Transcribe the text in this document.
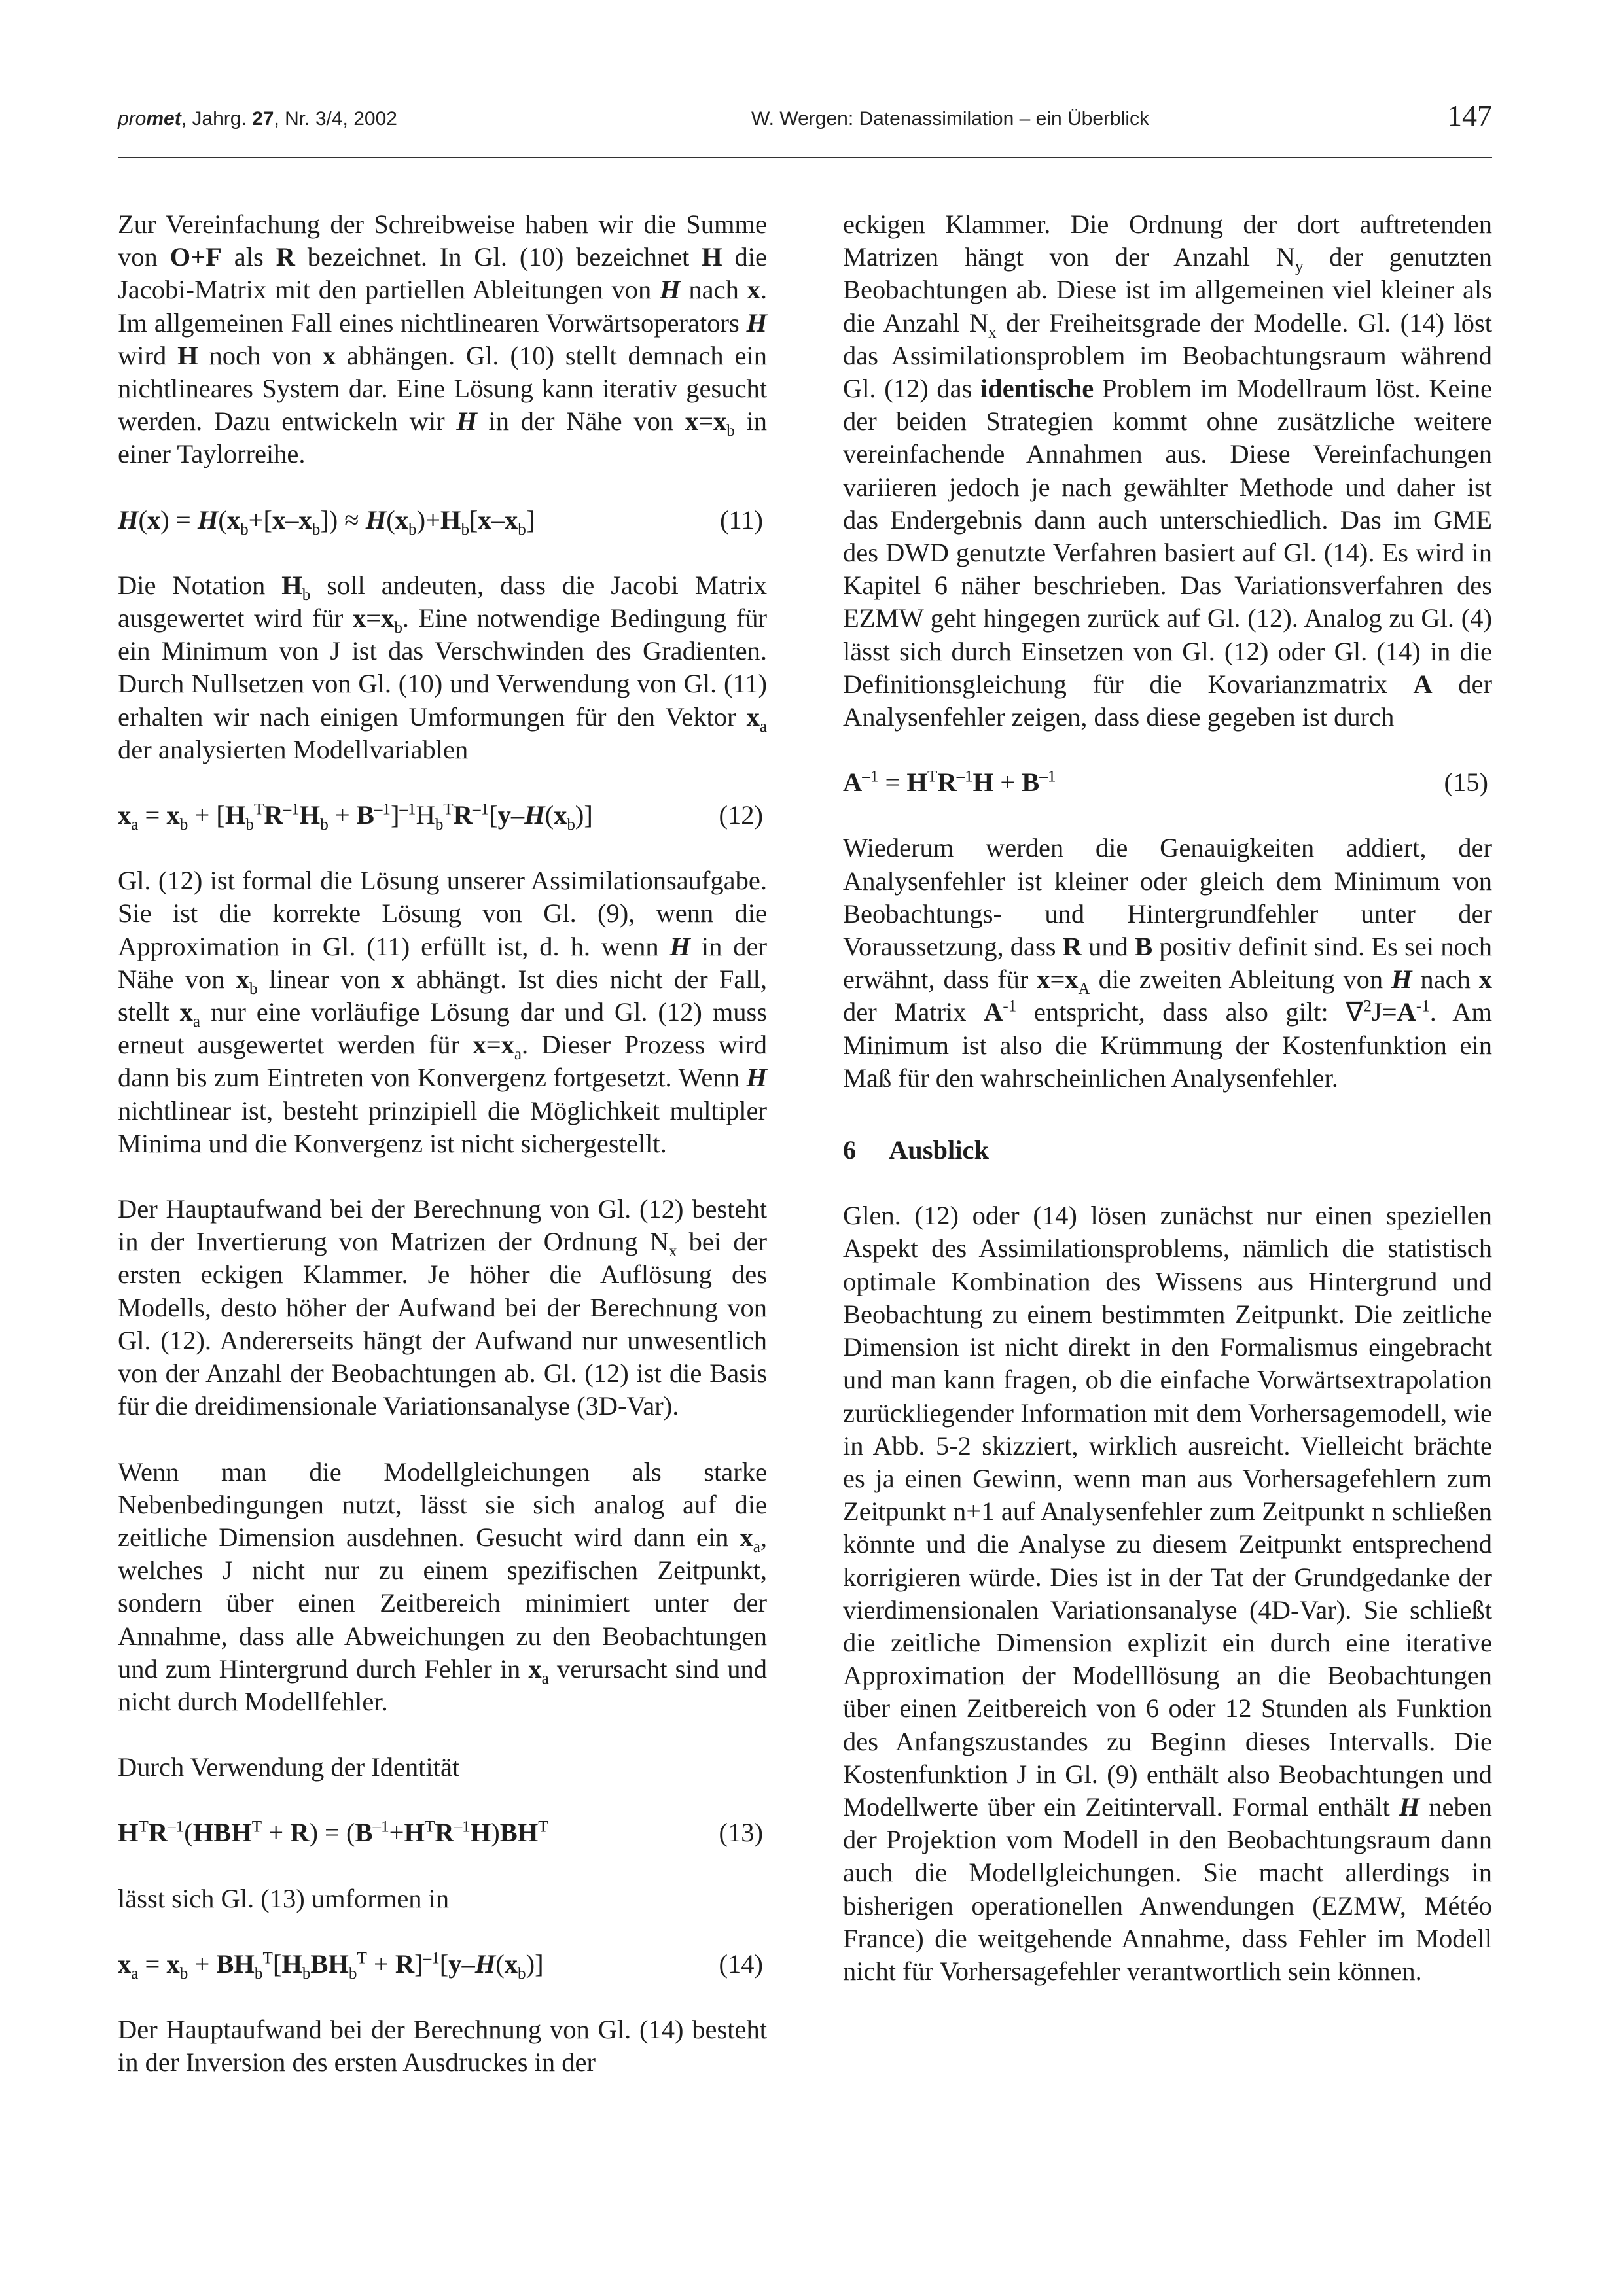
promet, Jahrg. 27, Nr. 3/4, 2002	W. Wergen: Datenassimilation – ein Überblick	147

Zur Vereinfachung der Schreibweise haben wir die Summe von O+F als R bezeichnet. In Gl. (10) bezeichnet H die Jacobi-Matrix mit den partiellen Ableitungen von H nach x. Im allgemeinen Fall eines nichtlinearen Vorwärtsoperators H wird H noch von x abhängen. Gl. (10) stellt demnach ein nichtlineares System dar. Eine Lösung kann iterativ gesucht werden. Dazu entwickeln wir H in der Nähe von $x=x_b$ in einer Taylorreihe.

$H(x) = H(x_b+[x-x_b]) \approx H(x_b)+H_b[x-x_b]$	(11)

Die Notation $H_b$ soll andeuten, dass die Jacobi Matrix ausgewertet wird für $x=x_b$. Eine notwendige Bedingung für ein Minimum von J ist das Verschwinden des Gradienten. Durch Nullsetzen von Gl. (10) und Verwendung von Gl. (11) erhalten wir nach einigen Umformungen für den Vektor $x_a$ der analysierten Modellvariablen

$x_a = x_b + [H_b^TR^{-1}H_b + B^{-1}]^{-1}H_b^TR^{-1}[y-H(x_b)]$	(12)

Gl. (12) ist formal die Lösung unserer Assimilationsaufgabe. Sie ist die korrekte Lösung von Gl. (9), wenn die Approximation in Gl. (11) erfüllt ist, d. h. wenn H in der Nähe von $x_b$ linear von x abhängt. Ist dies nicht der Fall, stellt $x_a$ nur eine vorläufige Lösung dar und Gl. (12) muss erneut ausgewertet werden für $x=x_a$. Dieser Prozess wird dann bis zum Eintreten von Konvergenz fortgesetzt. Wenn H nichtlinear ist, besteht prinzipiell die Möglichkeit multipler Minima und die Konvergenz ist nicht sichergestellt.

Der Hauptaufwand bei der Berechnung von Gl. (12) besteht in der Invertierung von Matrizen der Ordnung $N_x$ bei der ersten eckigen Klammer. Je höher die Auflösung des Modells, desto höher der Aufwand bei der Berechnung von Gl. (12). Andererseits hängt der Aufwand nur unwesentlich von der Anzahl der Beobachtungen ab. Gl. (12) ist die Basis für die dreidimensionale Variationsanalyse (3D-Var).

Wenn man die Modellgleichungen als starke Nebenbedingungen nutzt, lässt sie sich analog auf die zeitliche Dimension ausdehnen. Gesucht wird dann ein $x_a$, welches J nicht nur zu einem spezifischen Zeitpunkt, sondern über einen Zeitbereich minimiert unter der Annahme, dass alle Abweichungen zu den Beobachtungen und zum Hintergrund durch Fehler in $x_a$ verursacht sind und nicht durch Modellfehler.

Durch Verwendung der Identität

$H^TR^{-1}(HBH^T + R) = (B^{-1}+H^TR^{-1}H)BH^T$	(13)

lässt sich Gl. (13) umformen in

$x_a = x_b + BH_b^T[H_bBH_b^T + R]^{-1}[y-H(x_b)]$	(14)

Der Hauptaufwand bei der Berechnung von Gl. (14) besteht in der Inversion des ersten Ausdruckes in der

eckigen Klammer. Die Ordnung der dort auftretenden Matrizen hängt von der Anzahl $N_y$ der genutzten Beobachtungen ab. Diese ist im allgemeinen viel kleiner als die Anzahl $N_x$ der Freiheitsgrade der Modelle. Gl. (14) löst das Assimilationsproblem im Beobachtungsraum während Gl. (12) das identische Problem im Modellraum löst. Keine der beiden Strategien kommt ohne zusätzliche weitere vereinfachende Annahmen aus. Diese Vereinfachungen variieren jedoch je nach gewählter Methode und daher ist das Endergebnis dann auch unterschiedlich. Das im GME des DWD genutzte Verfahren basiert auf Gl. (14). Es wird in Kapitel 6 näher beschrieben. Das Variationsverfahren des EZMW geht hingegen zurück auf Gl. (12). Analog zu Gl. (4) lässt sich durch Einsetzen von Gl. (12) oder Gl. (14) in die Definitionsgleichung für die Kovarianzmatrix A der Analysenfehler zeigen, dass diese gegeben ist durch

$A^{-1} = H^TR^{-1}H + B^{-1}$	(15)

Wiederum werden die Genauigkeiten addiert, der Analysenfehler ist kleiner oder gleich dem Minimum von Beobachtungs- und Hintergrundfehler unter der Voraussetzung, dass R und B positiv definit sind. Es sei noch erwähnt, dass für $x=x_A$ die zweiten Ableitung von H nach x der Matrix $A^{-1}$ entspricht, dass also gilt: $\nabla^2J=A^{-1}$. Am Minimum ist also die Krümmung der Kostenfunktion ein Maß für den wahrscheinlichen Analysenfehler.

6 Ausblick

Glen. (12) oder (14) lösen zunächst nur einen speziellen Aspekt des Assimilationsproblems, nämlich die statistisch optimale Kombination des Wissens aus Hintergrund und Beobachtung zu einem bestimmten Zeitpunkt. Die zeitliche Dimension ist nicht direkt in den Formalismus eingebracht und man kann fragen, ob die einfache Vorwärtsextrapolation zurückliegender Information mit dem Vorhersagemodell, wie in Abb. 5-2 skizziert, wirklich ausreicht. Vielleicht brächte es ja einen Gewinn, wenn man aus Vorhersagefehlern zum Zeitpunkt n+1 auf Analysenfehler zum Zeitpunkt n schließen könnte und die Analyse zu diesem Zeitpunkt entsprechend korrigieren würde. Dies ist in der Tat der Grundgedanke der vierdimensionalen Variationsanalyse (4D-Var). Sie schließt die zeitliche Dimension explizit ein durch eine iterative Approximation der Modelllösung an die Beobachtungen über einen Zeitbereich von 6 oder 12 Stunden als Funktion des Anfangszustandes zu Beginn dieses Intervalls. Die Kostenfunktion J in Gl. (9) enthält also Beobachtungen und Modellwerte über ein Zeitintervall. Formal enthält H neben der Projektion vom Modell in den Beobachtungsraum dann auch die Modellgleichungen. Sie macht allerdings in bisherigen operationellen Anwendungen (EZMW, Météo France) die weitgehende Annahme, dass Fehler im Modell nicht für Vorhersagefehler verantwortlich sein können.
